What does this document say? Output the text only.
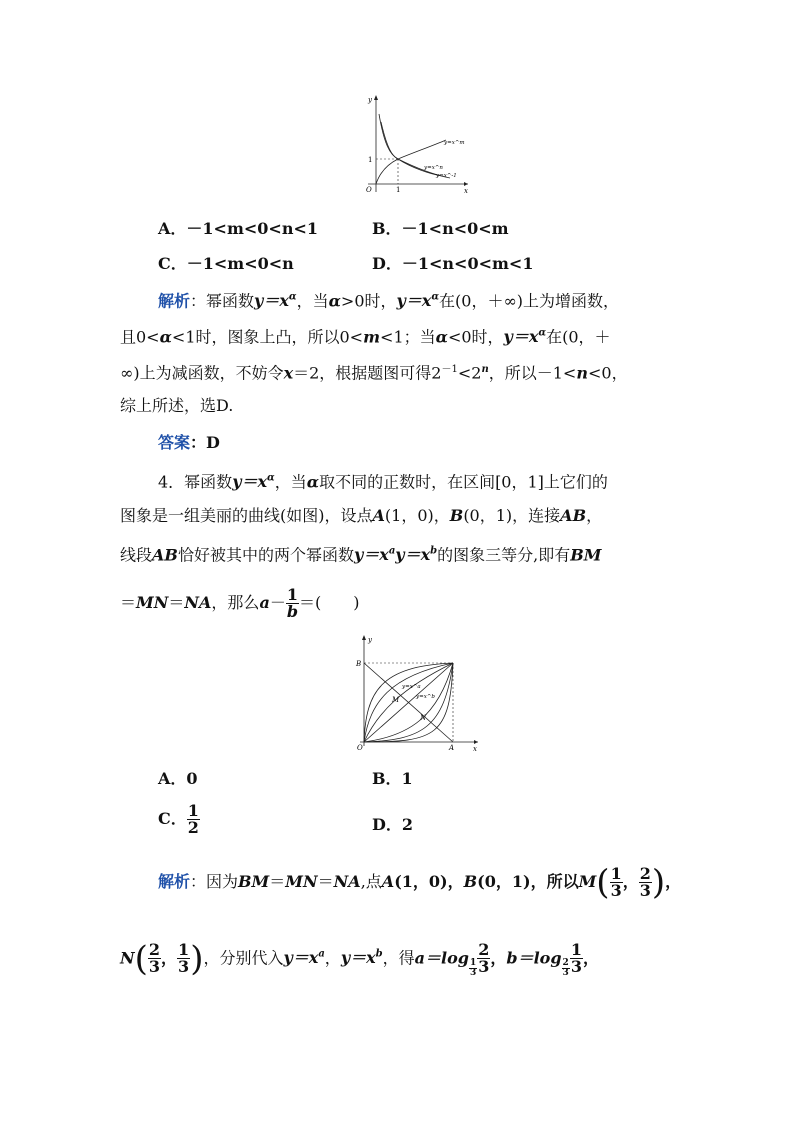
y
x
O	1
1
y=x^m
y=x^n
y=x^-1
A．－1<m<0<n<1	B．－1<n<0<m
C．－1<m<0<n	D．－1<n<0<m<1
解析：幂函数$y=x^\alpha$，当α>0时，$y=x^\alpha$在(0，＋∞)上为增函数，
且0<α<1时，图象上凸，所以0<m<1；当α<0时，$y=x^\alpha$在(0，＋
∞)上为减函数，不妨令x＝2，根据题图可得$2^{-1}<2^n$，所以－1<n<0，
综上所述，选D.
答案：D
4．幂函数$y=x^\alpha$，当α取不同的正数时，在区间[0，1]上它们的
图象是一组美丽的曲线(如图)，设点A(1，0)，B(0，1)，连接AB，
线段AB恰好被其中的两个幂函数$y=x^ay=x^b$的图象三等分,即有BM
＝MN＝NA，那么$a- \frac{1}{b}$ ＝(　　)
y
x
O	A
B
M
N
y=x^a
y=x^b
A．0	B．1
C． $\frac{1}{2}$	D．2
解析：因为BM＝MN＝NA,点A(1，0)，B(0，1)，所以$M( \frac{1}{3}$ ， $\frac{2}{3}$ )，
$N( \frac{2}{3}$ ， $\frac{1}{3}$ )，分别代入$y=x^a$，$y=x^b$，得a＝log
$\frac{1}{3} \frac{2}{3}$ ，b＝log
$\frac{2}{3} \frac{1}{3}$ ，
